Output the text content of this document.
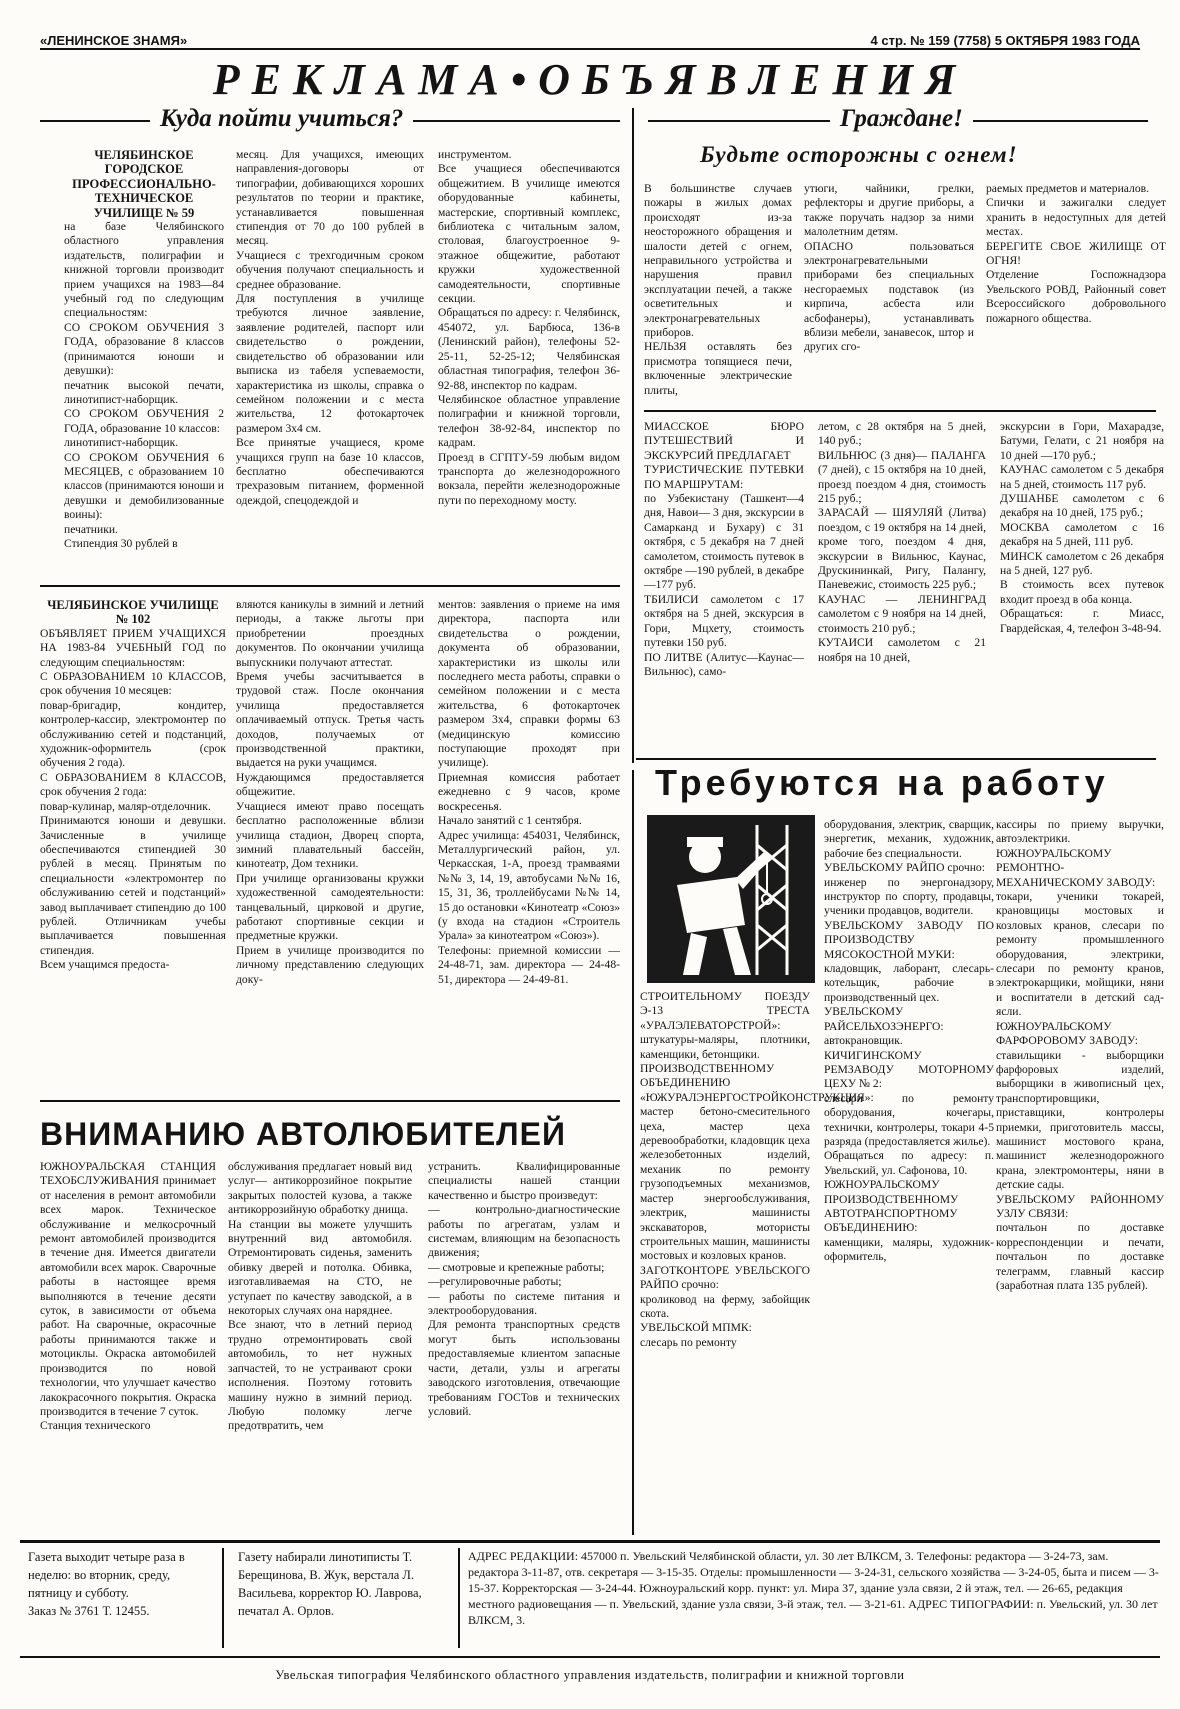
«ЛЕНИНСКОЕ ЗНАМЯ»	4 стр. № 159 (7758) 5 ОКТЯБРЯ 1983 ГОДА
РЕКЛАМА•ОБЪЯВЛЕНИЯ
Куда пойти учиться?	Граждане!
ЧЕЛЯБИНСКОЕ ГОРОДСКОЕ ПРОФЕССИОНАЛЬНО-ТЕХНИЧЕСКОЕ УЧИЛИЩЕ № 59
на базе Челябинского областного управления издательств, полиграфии и книжной торговли производит прием учащихся на 1983—84 учебный год по следующим специальностям:
СО СРОКОМ ОБУЧЕНИЯ 3 ГОДА, образование 8 классов (принимаются юноши и девушки):
печатник высокой печати, линотипист-наборщик.
СО СРОКОМ ОБУЧЕНИЯ 2 ГОДА, образование 10 классов:
линотипист-наборщик.
СО СРОКОМ ОБУЧЕНИЯ 6 МЕСЯЦЕВ, с образованием 10 классов (принимаются юноши и девушки и демобилизованные воины):
печатники.
Стипендия 30 рублей в
месяц. Для учащихся, имеющих направления-договоры от типографии, добивающихся хороших результатов по теории и практике, устанавливается повышенная стипендия от 70 до 100 рублей в месяц.
Учащиеся с трехгодичным сроком обучения получают специальность и среднее образование.
Для поступления в училище требуются личное заявление, заявление родителей, паспорт или свидетельство о рождении, свидетельство об образовании или выписка из табеля успеваемости, характеристика из школы, справка о семейном положении и с места жительства, 12 фотокарточек размером 3х4 см.
Все принятые учащиеся, кроме учащихся групп на базе 10 классов, бесплатно обеспечиваются трехразовым питанием, форменной одеждой, спецодеждой и
инструментом.
Все учащиеся обеспечиваются общежитием. В училище имеются оборудованные кабинеты, мастерские, спортивный комплекс, библиотека с читальным залом, столовая, благоустроенное 9-этажное общежитие, работают кружки художественной самодеятельности, спортивные секции.
Обращаться по адресу: г. Челябинск, 454072, ул. Барбюса, 136-в (Ленинский район), телефоны 52-25-11, 52-25-12; Челябинская областная типография, телефон 36-92-88, инспектор по кадрам.
Челябинское областное управление полиграфии и книжной торговли, телефон 38-92-84, инспектор по кадрам.
Проезд в СГПТУ-59 любым видом транспорта до железнодорожного вокзала, перейти железнодорожные пути по переходному мосту.
ЧЕЛЯБИНСКОЕ УЧИЛИЩЕ № 102
ОБЪЯВЛЯЕТ ПРИЕМ УЧАЩИХСЯ НА 1983-84 УЧЕБНЫЙ ГОД по следующим специальностям:
С ОБРАЗОВАНИЕМ 10 КЛАССОВ, срок обучения 10 месяцев:
повар-бригадир, кондитер, контролер-кассир, электромонтер по обслуживанию сетей и подстанций, художник-оформитель (срок обучения 2 года).
С ОБРАЗОВАНИЕМ 8 КЛАССОВ, срок обучения 2 года:
повар-кулинар, маляр-отделочник.
Принимаются юноши и девушки. Зачисленные в училище обеспечиваются стипендией 30 рублей в месяц. Принятым по специальности «электромонтер по обслуживанию сетей и подстанций» завод выплачивает стипендию до 100 рублей. Отличникам учебы выплачивается повышенная стипендия.
Всем учащимся предоста-
вляются каникулы в зимний и летний периоды, а также льготы при приобретении проездных документов. По окончании училища выпускники получают аттестат.
Время учебы засчитывается в трудовой стаж. После окончания училища предоставляется оплачиваемый отпуск. Третья часть доходов, получаемых от производственной практики, выдается на руки учащимся.
Нуждающимся предоставляется общежитие.
Учащиеся имеют право посещать бесплатно расположенные вблизи училища стадион, Дворец спорта, зимний плавательный бассейн, кинотеатр, Дом техники.
При училище организованы кружки художественной самодеятельности: танцевальный, цирковой и другие, работают спортивные секции и предметные кружки.
Прием в училище производится по личному представлению следующих доку-
ментов: заявления о приеме на имя директора, паспорта или свидетельства о рождении, документа об образовании, характеристики из школы или последнего места работы, справки о семейном положении и с места жительства, 6 фотокарточек размером 3х4, справки формы 63 (медицинскую комиссию поступающие проходят при училище).
Приемная комиссия работает ежедневно с 9 часов, кроме воскресенья.
Начало занятий с 1 сентября.
Адрес училища: 454031, Челябинск, Металлургический район, ул. Черкасская, 1-А, проезд трамваями №№ 3, 14, 19, автобусами №№ 16, 15, 31, 36, троллейбусами №№ 14, 15 до остановки «Кинотеатр «Союз» (у входа на стадион «Строитель Урала» за кинотеатром «Союз»).
Телефоны: приемной комиссии — 24-48-71, зам. директора — 24-48-51, директора — 24-49-81.
Будьте осторожны с огнем!
В большинстве случаев пожары в жилых домах происходят из-за неосторожного обращения и шалости детей с огнем, неправильного устройства и нарушения правил эксплуатации печей, а также осветительных и электронагревательных приборов.
НЕЛЬЗЯ оставлять без присмотра топящиеся печи, включенные электрические плиты,
утюги, чайники, грелки, рефлекторы и другие приборы, а также поручать надзор за ними малолетним детям.
ОПАСНО пользоваться электронагревательными приборами без специальных несгораемых подставок (из кирпича, асбеста или асбофанеры), устанавливать вблизи мебели, занавесок, штор и других сго-
раемых предметов и материалов.
Спички и зажигалки следует хранить в недоступных для детей местах.
БЕРЕГИТЕ СВОЕ ЖИЛИЩЕ ОТ ОГНЯ!
Отделение Госпожнадзора Увельского РОВД, Районный совет Всероссийского добровольного пожарного общества.
МИАССКОЕ БЮРО ПУТЕШЕСТВИЙ И ЭКСКУРСИЙ ПРЕДЛАГАЕТ
ТУРИСТИЧЕСКИЕ ПУТЕВКИ ПО МАРШРУТАМ:
по Узбекистану (Ташкент—4 дня, Навои— 3 дня, экскурсии в Самарканд и Бухару) с 31 октября, с 5 декабря на 7 дней самолетом, стоимость путевок в октябре —190 рублей, в декабре —177 руб.
ТБИЛИСИ самолетом с 17 октября на 5 дней, экскурсия в Гори, Мцхету, стоимость путевки 150 руб.
ПО ЛИТВЕ (Алитус—Каунас—Вильнюс), само-
летом, с 28 октября на 5 дней, 140 руб.;
ВИЛЬНЮС (3 дня)— ПАЛАНГА (7 дней), с 15 октября на 10 дней, проезд поездом 4 дня, стоимость 215 руб.;
ЗАРАСАЙ — ШЯУЛЯЙ (Литва) поездом, с 19 октября на 14 дней, кроме того, поездом 4 дня, экскурсии в Вильнюс, Каунас, Друскининкай, Ригу, Палангу, Паневежис, стоимость 225 руб.;
КАУНАС — ЛЕНИНГРАД самолетом с 9 ноября на 14 дней, стоимость 210 руб.;
КУТАИСИ самолетом с 21 ноября на 10 дней,
экскурсии в Гори, Махарадзе, Батуми, Гелати, с 21 ноября на 10 дней —170 руб.;
КАУНАС самолетом с 5 декабря на 5 дней, стоимость 117 руб.
ДУШАНБЕ самолетом с 6 декабря на 10 дней, 175 руб.;
МОСКВА самолетом с 16 декабря на 5 дней, 111 руб.
МИНСК самолетом с 26 декабря на 5 дней, 127 руб.
В стоимость всех путевок входит проезд в оба конца.
Обращаться: г. Миасс, Гвардейская, 4, телефон 3-48-94.
Требуются на работу
СТРОИТЕЛЬНОМУ ПОЕЗДУ Э-13 ТРЕСТА «УРАЛЭЛЕВАТОРСТРОЙ»:
штукатуры-маляры, плотники, каменщики, бетонщики.
ПРОИЗВОДСТВЕННОМУ ОБЪЕДИНЕНИЮ «ЮЖУРАЛЭНЕРГОСТРОЙКОНСТРУКЦИЯ»:
мастер бетоно-смесительного цеха, мастер цеха деревообработки, кладовщик цеха железобетонных изделий, механик по ремонту грузоподъемных механизмов, мастер энергообслуживания, электрик, машинисты экскаваторов, мотористы строительных машин, машинисты мостовых и козловых кранов.
ЗАГОТКОНТОРЕ УВЕЛЬСКОГО РАЙПО срочно:
кроликовод на ферму, забойщик скота.
УВЕЛЬСКОЙ МПМК:
слесарь по ремонту
оборудования, электрик, сварщик, энергетик, механик, художник, рабочие без специальности.
УВЕЛЬСКОМУ РАЙПО срочно:
инженер по энергонадзору, инструктор по спорту, продавцы, ученики продавцов, водители.
УВЕЛЬСКОМУ ЗАВОДУ ПО ПРОИЗВОДСТВУ МЯСОКОСТНОЙ МУКИ:
кладовщик, лаборант, слесарь-котельщик, рабочие в производственный цех.
УВЕЛЬСКОМУ РАЙСЕЛЬХОЗЭНЕРГО:
автокрановщик.
КИЧИГИНСКОМУ РЕМЗАВОДУ МОТОРНОМУ ЦЕХУ № 2:
слесари по ремонту оборудования, кочегары, технички, контролеры, токари 4-5 разряда (предоставляется жилье).
Обращаться по адресу: п. Увельский, ул. Сафонова, 10.
ЮЖНОУРАЛЬСКОМУ ПРОИЗВОДСТВЕННОМУ АВТОТРАНСПОРТНОМУ ОБЪЕДИНЕНИЮ:
каменщики, маляры, художник-оформитель,
кассиры по приему выручки, автоэлектрики.
ЮЖНОУРАЛЬСКОМУ РЕМОНТНО-МЕХАНИЧЕСКОМУ ЗАВОДУ:
токари, ученики токарей, крановщицы мостовых и козловых кранов, слесари по ремонту промышленного оборудования, электрики, слесари по ремонту кранов, электрокарщики, мойщики, няни и воспитатели в детский сад-ясли.
ЮЖНОУРАЛЬСКОМУ ФАРФОРОВОМУ ЗАВОДУ:
ставильщики - выборщики фарфоровых изделий, выборщики в живописный цех, транспортировщики, приставщики, контролеры приемки, приготовитель массы, машинист мостового крана, машинист железнодорожного крана, электромонтеры, няни в детские сады.
УВЕЛЬСКОМУ РАЙОННОМУ УЗЛУ СВЯЗИ:
почтальон по доставке корреспонденции и печати, почтальон по доставке телеграмм, главный кассир (заработная плата 135 рублей).
ВНИМАНИЮ АВТОЛЮБИТЕЛЕЙ
ЮЖНОУРАЛЬСКАЯ СТАНЦИЯ ТЕХОБСЛУЖИВАНИЯ принимает от населения в ремонт автомобили всех марок. Техническое обслуживание и мелкосрочный ремонт автомобилей производится в течение дня. Имеется двигатели автомобили всех марок. Сварочные работы в настоящее время выполняются в течение десяти суток, в зависимости от объема работ. На сварочные, окрасочные работы принимаются также и мотоциклы. Окраска автомобилей производится по новой технологии, что улучшает качество лакокрасочного покрытия. Окраска производится в течение 7 суток.
Станция технического
обслуживания предлагает новый вид услуг— антикоррозийное покрытие закрытых полостей кузова, а также антикоррозийную обработку днища.
На станции вы можете улучшить внутренний вид автомобиля. Отремонтировать сиденья, заменить обивку дверей и потолка. Обивка, изготавливаемая на СТО, не уступает по качеству заводской, а в некоторых случаях она наряднее.
Все знают, что в летний период трудно отремонтировать свой автомобиль, то нет нужных запчастей, то не устраивают сроки исполнения. Поэтому готовить машину нужно в зимний период. Любую поломку легче предотвратить, чем
устранить. Квалифицированные специалисты нашей станции качественно и быстро произведут:
— контрольно-диагностические работы по агрегатам, узлам и системам, влияющим на безопасность движения;
— смотровые и крепежные работы;
—регулировочные работы;
— работы по системе питания и электрооборудования.
Для ремонта транспортных средств могут быть использованы предоставляемые клиентом запасные части, детали, узлы и агрегаты заводского изготовления, отвечающие требованиям ГОСТов и технических условий.
Газета выходит четыре раза в неделю: во вторник, среду, пятницу и субботу.
Заказ № 3761 Т. 12455.
Газету набирали линотиписты Т. Берещинова, В. Жук, верстала Л. Васильева, корректор Ю. Лаврова, печатал А. Орлов.
АДРЕС РЕДАКЦИИ: 457000 п. Увельский Челябинской области, ул. 30 лет ВЛКСМ, 3. Телефоны: редактора — 3-24-73, зам. редактора 3-11-87, отв. секретаря — 3-15-35. Отделы: промышленности — 3-24-31, сельского хозяйства — 3-24-05, быта и писем — 3-15-37. Корректорская — 3-24-44. Южноуральский корр. пункт: ул. Мира 37, здание узла связи, 2 й этаж, тел. — 26-65, редакция местного радиовещания — п. Увельский, здание узла связи, 3-й этаж, тел. — 3-21-61. АДРЕС ТИПОГРАФИИ: п. Увельский, ул. 30 лет ВЛКСМ, 3.
Увельская типография Челябинского областного управления издательств, полиграфии и книжной торговли
